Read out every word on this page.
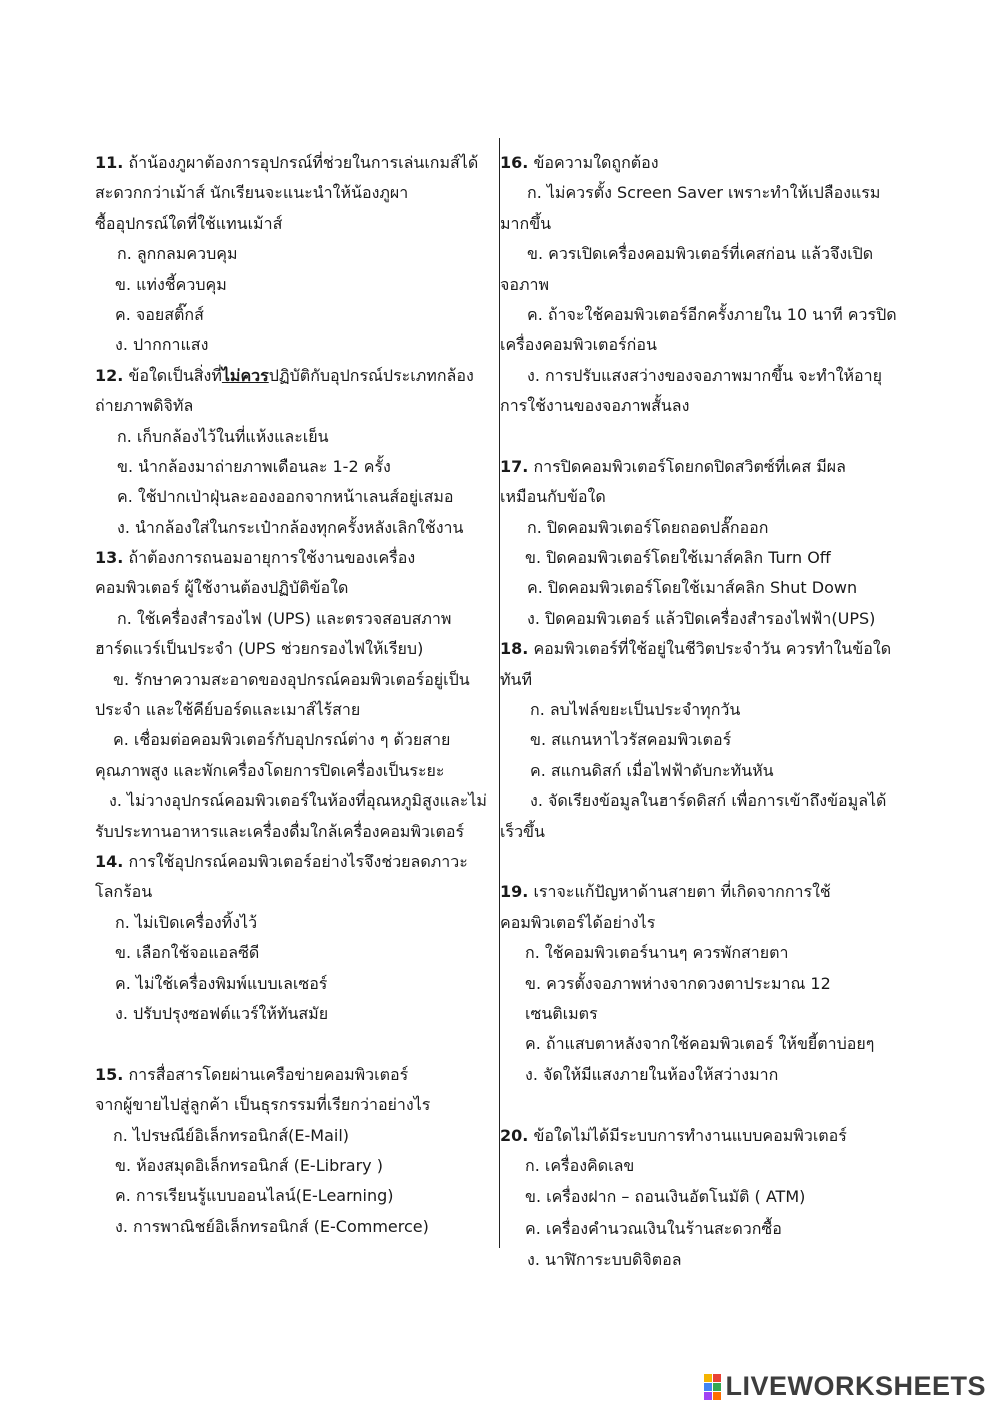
11. ถ้าน้องภูผาต้องการอุปกรณ์ที่ช่วยในการเล่นเกมส์ได้
สะดวกกว่าเม้าส์ นักเรียนจะแนะนำให้น้องภูผา
ซื้ออุปกรณ์ใดที่ใช้แทนเม้าส์
ก. ลูกกลมควบคุม
ข. แท่งชี้ควบคุม
ค. จอยสติ๊กส์
ง. ปากกาแสง
12. ข้อใดเป็นสิ่งที่ไม่ควรปฏิบัติกับอุปกรณ์ประเภทกล้อง
ถ่ายภาพดิจิทัล
ก. เก็บกล้องไว้ในที่แห้งและเย็น
ข. นำกล้องมาถ่ายภาพเดือนละ 1-2 ครั้ง
ค. ใช้ปากเป่าฝุ่นละอองออกจากหน้าเลนส์อยู่เสมอ
ง. นำกล้องใส่ในกระเป๋ากล้องทุกครั้งหลังเลิกใช้งาน
13. ถ้าต้องการถนอมอายุการใช้งานของเครื่อง
คอมพิวเตอร์ ผู้ใช้งานต้องปฏิบัติข้อใด
ก. ใช้เครื่องสำรองไฟ (UPS) และตรวจสอบสภาพ
ฮาร์ดแวร์เป็นประจำ (UPS ช่วยกรองไฟให้เรียบ)
ข. รักษาความสะอาดของอุปกรณ์คอมพิวเตอร์อยู่เป็น
ประจำ และใช้คีย์บอร์ดและเมาส์ไร้สาย
ค. เชื่อมต่อคอมพิวเตอร์กับอุปกรณ์ต่าง ๆ ด้วยสาย
คุณภาพสูง และพักเครื่องโดยการปิดเครื่องเป็นระยะ
ง. ไม่วางอุปกรณ์คอมพิวเตอร์ในห้องที่อุณหภูมิสูงและไม่
รับประทานอาหารและเครื่องดื่มใกล้เครื่องคอมพิวเตอร์
14. การใช้อุปกรณ์คอมพิวเตอร์อย่างไรจึงช่วยลดภาวะ
โลกร้อน
ก. ไม่เปิดเครื่องทิ้งไว้
ข. เลือกใช้จอแอลซีดี
ค. ไม่ใช้เครื่องพิมพ์แบบเลเซอร์
ง. ปรับปรุงซอฟต์แวร์ให้ทันสมัย
15. การสื่อสารโดยผ่านเครือข่ายคอมพิวเตอร์
จากผู้ขายไปสู่ลูกค้า เป็นธุรกรรมที่เรียกว่าอย่างไร
ก. ไปรษณีย์อิเล็กทรอนิกส์(E-Mail)
ข. ห้องสมุดอิเล็กทรอนิกส์ (E-Library )
ค. การเรียนรู้แบบออนไลน์(E-Learning)
ง. การพาณิชย์อิเล็กทรอนิกส์ (E-Commerce)
16. ข้อความใดถูกต้อง
ก. ไม่ควรตั้ง Screen Saver เพราะทำให้เปลืองแรม
มากขึ้น
ข. ควรเปิดเครื่องคอมพิวเตอร์ที่เคสก่อน แล้วจึงเปิด
จอภาพ
ค. ถ้าจะใช้คอมพิวเตอร์อีกครั้งภายใน 10 นาที ควรปิด
เครื่องคอมพิวเตอร์ก่อน
ง. การปรับแสงสว่างของจอภาพมากขึ้น จะทำให้อายุ
การใช้งานของจอภาพสั้นลง
17. การปิดคอมพิวเตอร์โดยกดปิดสวิตซ์ที่เคส มีผล
เหมือนกับข้อใด
ก. ปิดคอมพิวเตอร์โดยถอดปลั๊กออก
ข. ปิดคอมพิวเตอร์โดยใช้เมาส์คลิก Turn Off
ค. ปิดคอมพิวเตอร์โดยใช้เมาส์คลิก Shut Down
ง. ปิดคอมพิวเตอร์ แล้วปิดเครื่องสำรองไฟฟ้า(UPS)
18. คอมพิวเตอร์ที่ใช้อยู่ในชีวิตประจำวัน ควรทำในข้อใด
ทันที
ก. ลบไฟล์ขยะเป็นประจำทุกวัน
ข. สแกนหาไวรัสคอมพิวเตอร์
ค. สแกนดิสก์ เมื่อไฟฟ้าดับกะทันหัน
ง. จัดเรียงข้อมูลในฮาร์ดดิสก์ เพื่อการเข้าถึงข้อมูลได้
เร็วขึ้น
19. เราจะแก้ปัญหาด้านสายตา ที่เกิดจากการใช้
คอมพิวเตอร์ได้อย่างไร
ก. ใช้คอมพิวเตอร์นานๆ ควรพักสายตา
ข. ควรตั้งจอภาพห่างจากดวงตาประมาณ 12
เซนติเมตร
ค. ถ้าแสบตาหลังจากใช้คอมพิวเตอร์ ให้ขยี้ตาบ่อยๆ
ง. จัดให้มีแสงภายในห้องให้สว่างมาก
20. ข้อใดไม่ได้มีระบบการทำงานแบบคอมพิวเตอร์
ก. เครื่องคิดเลข
ข. เครื่องฝาก – ถอนเงินอัตโนมัติ ( ATM)
ค. เครื่องคำนวณเงินในร้านสะดวกซื้อ
ง. นาฬิการะบบดิจิตอล
LIVEWORKSHEETS
